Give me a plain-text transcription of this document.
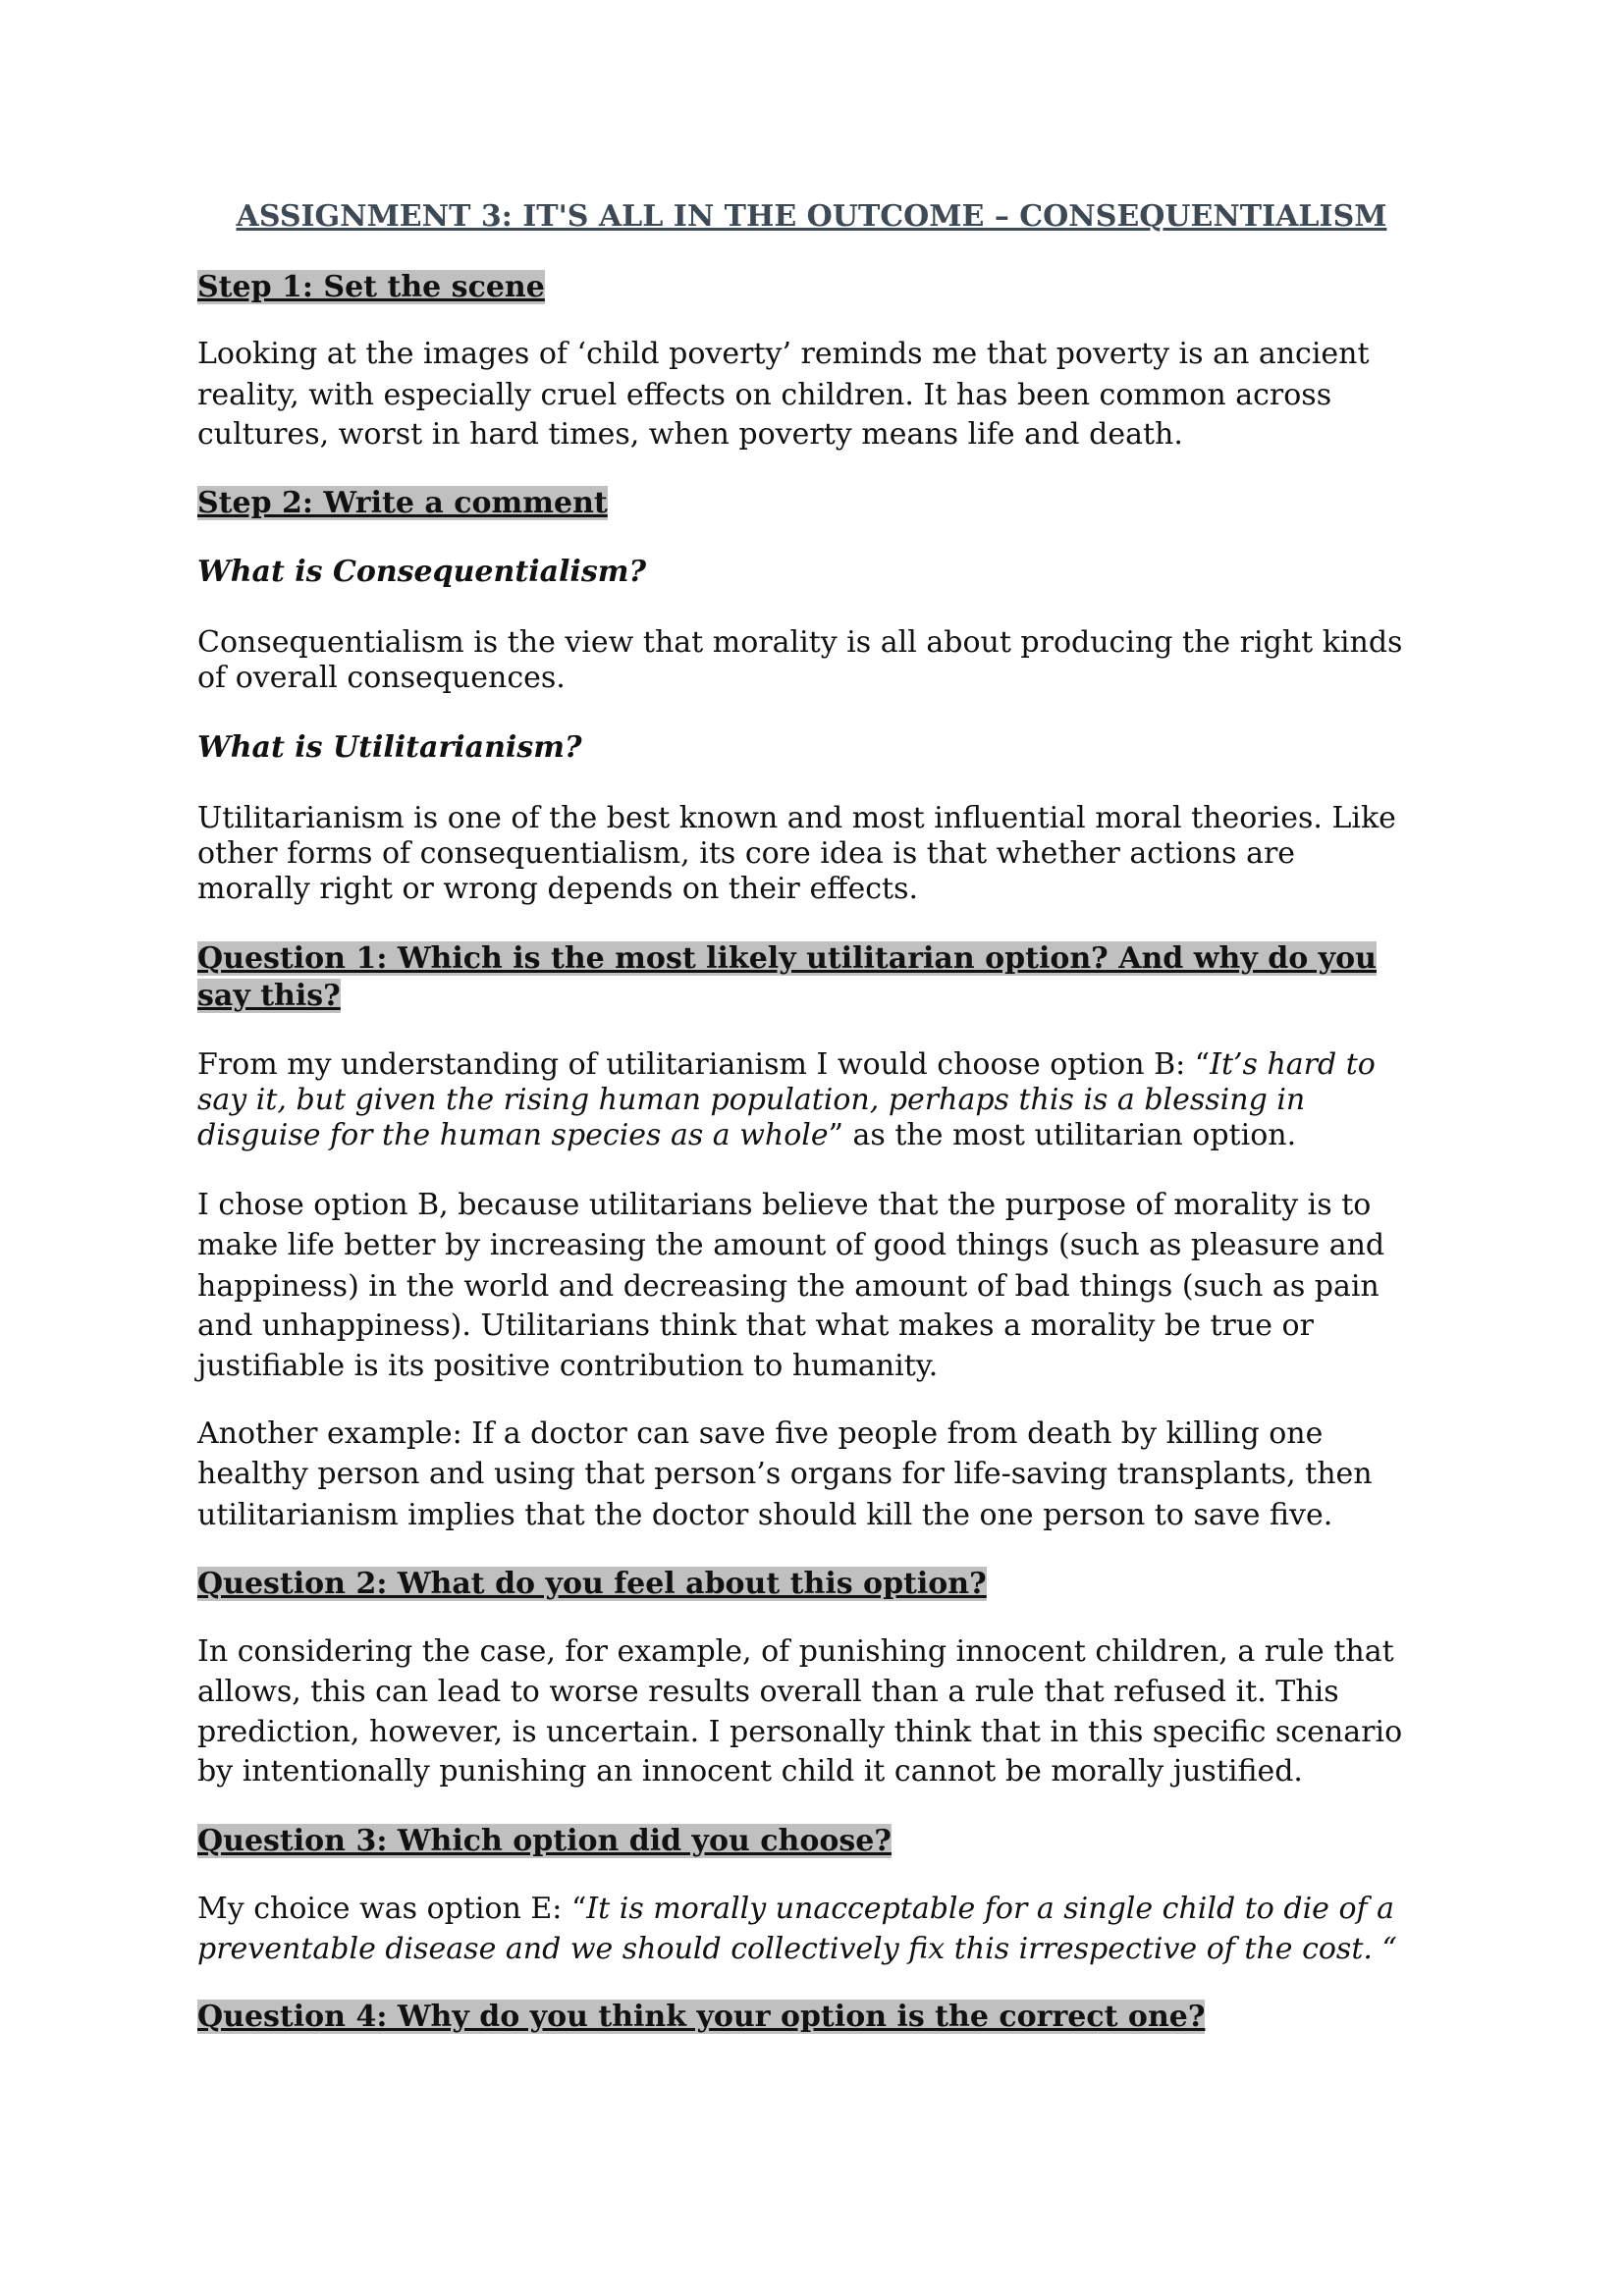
ASSIGNMENT 3: IT'S ALL IN THE OUTCOME – CONSEQUENTIALISM
Step 1: Set the scene
Looking at the images of ‘child poverty’ reminds me that poverty is an ancient
reality, with especially cruel effects on children. It has been common across
cultures, worst in hard times, when poverty means life and death.
Step 2: Write a comment
What is Consequentialism?
Consequentialism is the view that morality is all about producing the right kinds
of overall consequences.
What is Utilitarianism?
Utilitarianism is one of the best known and most influential moral theories. Like
other forms of consequentialism, its core idea is that whether actions are
morally right or wrong depends on their effects.
Question 1: Which is the most likely utilitarian option? And why do you
say this?
From my understanding of utilitarianism I would choose option B: “It’s hard to
say it, but given the rising human population, perhaps this is a blessing in
disguise for the human species as a whole” as the most utilitarian option.
I chose option B, because utilitarians believe that the purpose of morality is to
make life better by increasing the amount of good things (such as pleasure and
happiness) in the world and decreasing the amount of bad things (such as pain
and unhappiness). Utilitarians think that what makes a morality be true or
justifiable is its positive contribution to humanity.
Another example: If a doctor can save five people from death by killing one
healthy person and using that person’s organs for life-saving transplants, then
utilitarianism implies that the doctor should kill the one person to save five.
Question 2: What do you feel about this option?
In considering the case, for example, of punishing innocent children, a rule that
allows, this can lead to worse results overall than a rule that refused it. This
prediction, however, is uncertain. I personally think that in this specific scenario
by intentionally punishing an innocent child it cannot be morally justified.
Question 3: Which option did you choose?
My choice was option E: “It is morally unacceptable for a single child to die of a
preventable disease and we should collectively fix this irrespective of the cost. “
Question 4: Why do you think your option is the correct one?
